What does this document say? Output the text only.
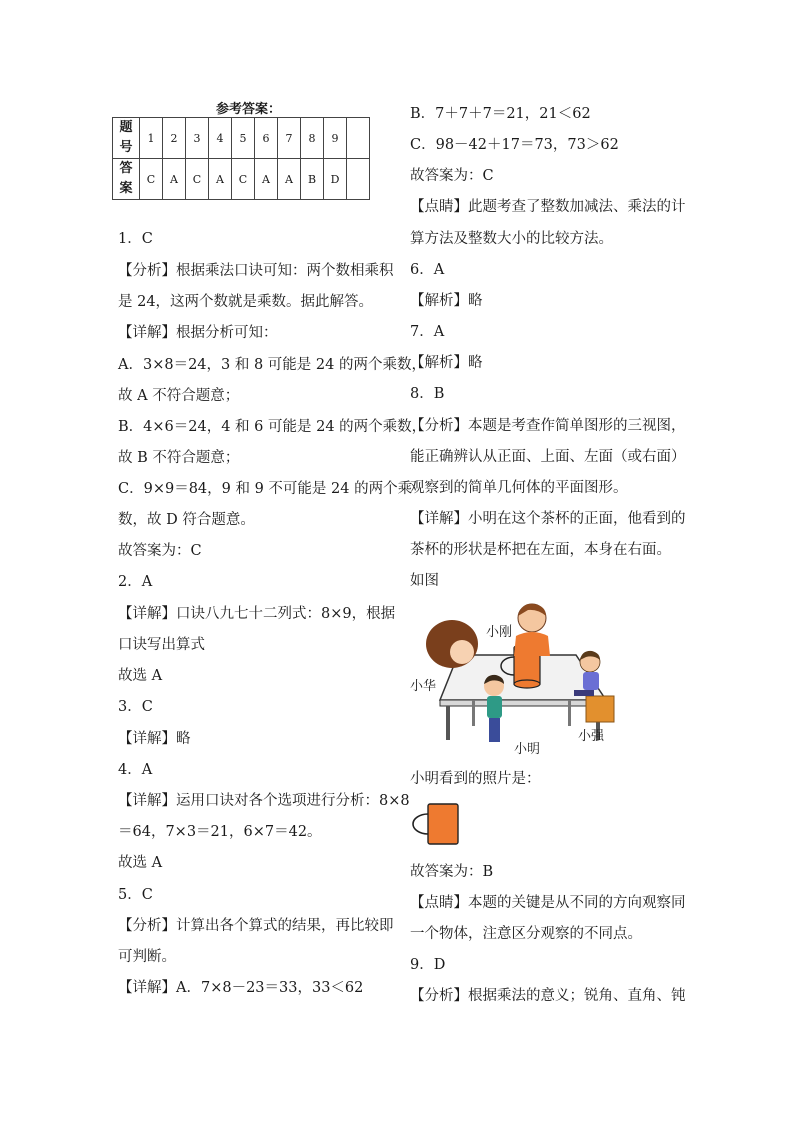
参考答案：
题
号	1	2	3	4	5	6	7	8	9	
答
案	C	A	C	A	C	A	A	B	D	
1．C
【分析】根据乘法口诀可知：两个数相乘积
是 24，这两个数就是乘数。据此解答。
【详解】根据分析可知：
A．3×8＝24，3 和 8 可能是 24 的两个乘数，
故 A 不符合题意；
B．4×6＝24，4 和 6 可能是 24 的两个乘数，
故 B 不符合题意；
C．9×9＝84，9 和 9 不可能是 24 的两个乘
数，故 D 符合题意。
故答案为：C
2．A
【详解】口诀八九七十二列式：8×9，根据
口诀写出算式
故选 A
3．C
【详解】略
4．A
【详解】运用口诀对各个选项进行分析：8×8
＝64，7×3＝21，6×7＝42。
故选 A
5．C
【分析】计算出各个算式的结果，再比较即
可判断。
【详解】A．7×8－23＝33，33＜62
B．7＋7＋7＝21，21＜62
C．98－42＋17＝73，73＞62
故答案为：C
【点睛】此题考查了整数加减法、乘法的计
算方法及整数大小的比较方法。
6．A
【解析】略
7．A
【解析】略
8．B
【分析】本题是考查作简单图形的三视图，
能正确辨认从正面、上面、左面（或右面）
观察到的简单几何体的平面图形。
【详解】小明在这个茶杯的正面，他看到的
茶杯的形状是杯把在左面，本身在右面。
如图
小明看到的照片是：
故答案为：B
【点睛】本题的关键是从不同的方向观察同
一个物体，注意区分观察的不同点。
9．D
【分析】根据乘法的意义；锐角、直角、钝
小刚
小华
小强
小明
